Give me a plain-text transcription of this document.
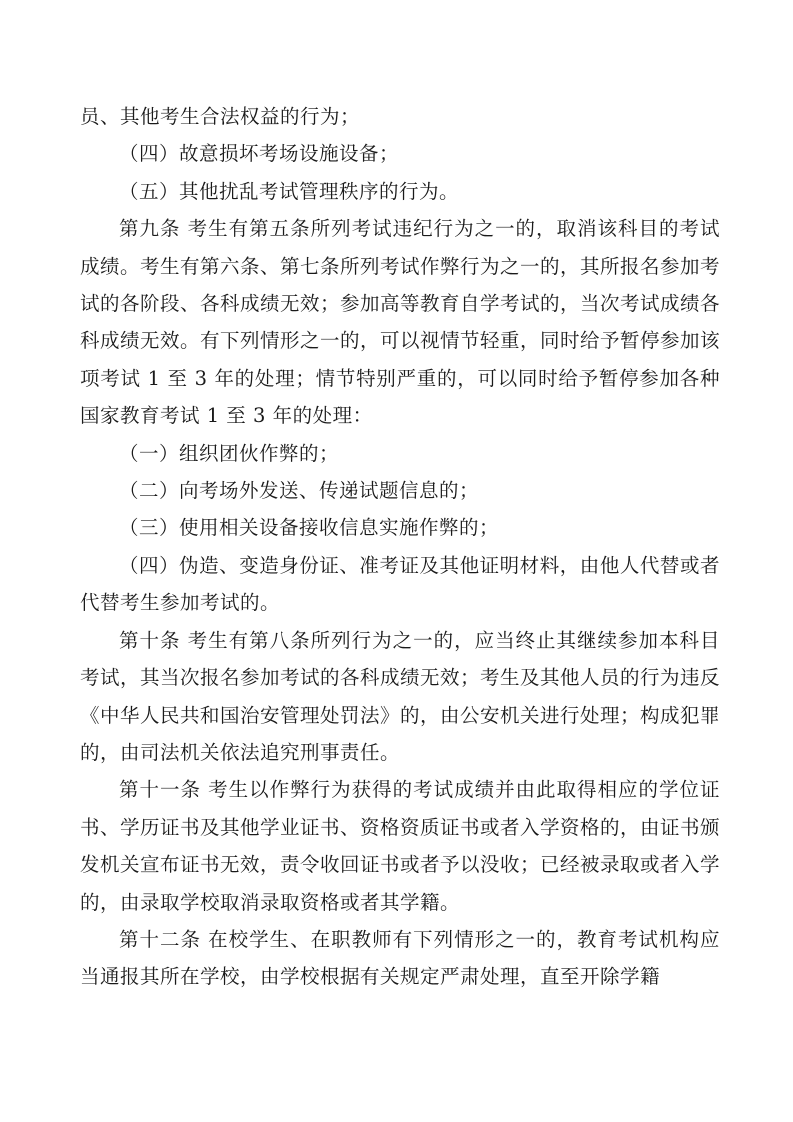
员、其他考生合法权益的行为；

（四）故意损坏考场设施设备；

（五）其他扰乱考试管理秩序的行为。

第九条 考生有第五条所列考试违纪行为之一的，取消该科目的考试成绩。考生有第六条、第七条所列考试作弊行为之一的，其所报名参加考试的各阶段、各科成绩无效；参加高等教育自学考试的，当次考试成绩各科成绩无效。有下列情形之一的，可以视情节轻重，同时给予暂停参加该项考试 1 至 3 年的处理；情节特别严重的，可以同时给予暂停参加各种国家教育考试 1 至 3 年的处理：

（一）组织团伙作弊的；

（二）向考场外发送、传递试题信息的；

（三）使用相关设备接收信息实施作弊的；

（四）伪造、变造身份证、准考证及其他证明材料，由他人代替或者代替考生参加考试的。

第十条 考生有第八条所列行为之一的，应当终止其继续参加本科目考试，其当次报名参加考试的各科成绩无效；考生及其他人员的行为违反《中华人民共和国治安管理处罚法》的，由公安机关进行处理；构成犯罪的，由司法机关依法追究刑事责任。

第十一条 考生以作弊行为获得的考试成绩并由此取得相应的学位证书、学历证书及其他学业证书、资格资质证书或者入学资格的，由证书颁发机关宣布证书无效，责令收回证书或者予以没收；已经被录取或者入学的，由录取学校取消录取资格或者其学籍。

第十二条 在校学生、在职教师有下列情形之一的，教育考试机构应当通报其所在学校，由学校根据有关规定严肃处理，直至开除学籍
